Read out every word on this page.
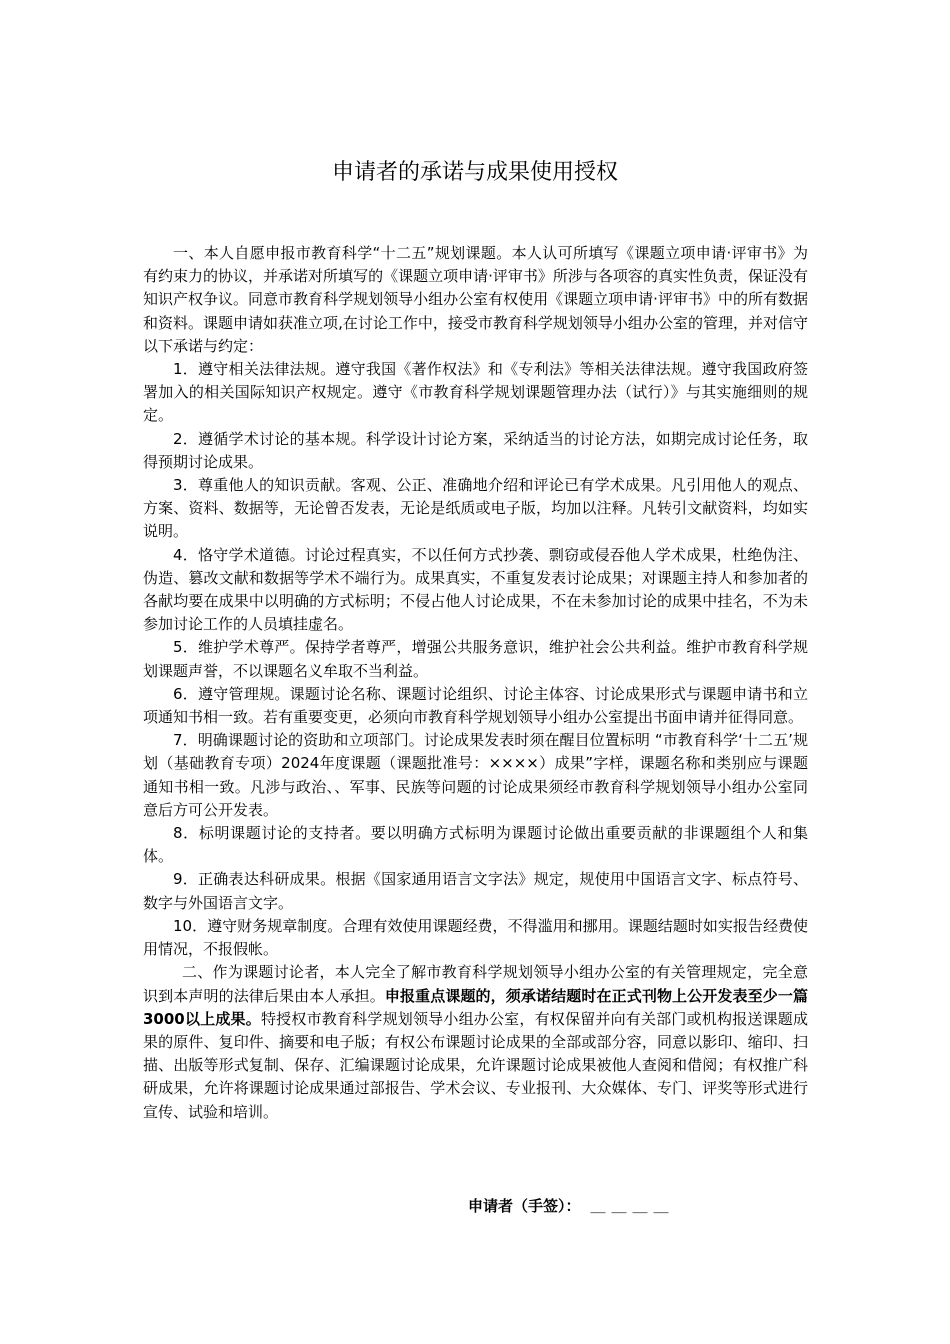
申请者的承诺与成果使用授权

一、本人自愿申报市教育科学“十二五”规划课题。本人认可所填写《课题立项申请·评审书》为有约束力的协议，并承诺对所填写的《课题立项申请·评审书》所涉与各项容的真实性负责，保证没有知识产权争议。同意市教育科学规划领导小组办公室有权使用《课题立项申请·评审书》中的所有数据和资料。课题申请如获准立项,在讨论工作中，接受市教育科学规划领导小组办公室的管理，并对信守以下承诺与约定：

1．遵守相关法律法规。遵守我国《著作权法》和《专利法》等相关法律法规。遵守我国政府签署加入的相关国际知识产权规定。遵守《市教育科学规划课题管理办法（试行）》与其实施细则的规定。

2．遵循学术讨论的基本规。科学设计讨论方案，采纳适当的讨论方法，如期完成讨论任务，取得预期讨论成果。

3．尊重他人的知识贡献。客观、公正、准确地介绍和评论已有学术成果。凡引用他人的观点、方案、资料、数据等，无论曾否发表，无论是纸质或电子版，均加以注释。凡转引文献资料，均如实说明。

4．恪守学术道德。讨论过程真实，不以任何方式抄袭、剽窃或侵吞他人学术成果，杜绝伪注、伪造、篡改文献和数据等学术不端行为。成果真实，不重复发表讨论成果；对课题主持人和参加者的各献均要在成果中以明确的方式标明；不侵占他人讨论成果，不在未参加讨论的成果中挂名，不为未参加讨论工作的人员填挂虚名。

5．维护学术尊严。保持学者尊严，增强公共服务意识，维护社会公共利益。维护市教育科学规划课题声誉，不以课题名义牟取不当利益。

6．遵守管理规。课题讨论名称、课题讨论组织、讨论主体容、讨论成果形式与课题申请书和立项通知书相一致。若有重要变更，必须向市教育科学规划领导小组办公室提出书面申请并征得同意。

7．明确课题讨论的资助和立项部门。讨论成果发表时须在醒目位置标明 “市教育科学‘十二五’规划（基础教育专项）2024年度课题（课题批准号：××××）成果”字样，课题名称和类别应与课题通知书相一致。凡涉与政治、、军事、民族等问题的讨论成果须经市教育科学规划领导小组办公室同意后方可公开发表。

8．标明课题讨论的支持者。要以明确方式标明为课题讨论做出重要贡献的非课题组个人和集体。

9．正确表达科研成果。根据《国家通用语言文字法》规定，规使用中国语言文字、标点符号、数字与外国语言文字。

10．遵守财务规章制度。合理有效使用课题经费，不得滥用和挪用。课题结题时如实报告经费使用情况，不报假帐。

二、作为课题讨论者，本人完全了解市教育科学规划领导小组办公室的有关管理规定，完全意识到本声明的法律后果由本人承担。申报重点课题的，须承诺结题时在正式刊物上公开发表至少一篇3000以上成果。特授权市教育科学规划领导小组办公室，有权保留并向有关部门或机构报送课题成果的原件、复印件、摘要和电子版；有权公布课题讨论成果的全部或部分容，同意以影印、缩印、扫描、出版等形式复制、保存、汇编课题讨论成果，允许课题讨论成果被他人查阅和借阅；有权推广科研成果，允许将课题讨论成果通过部报告、学术会议、专业报刊、大众媒体、专门、评奖等形式进行宣传、试验和培训。

申请者（手签）： ＿＿＿＿
